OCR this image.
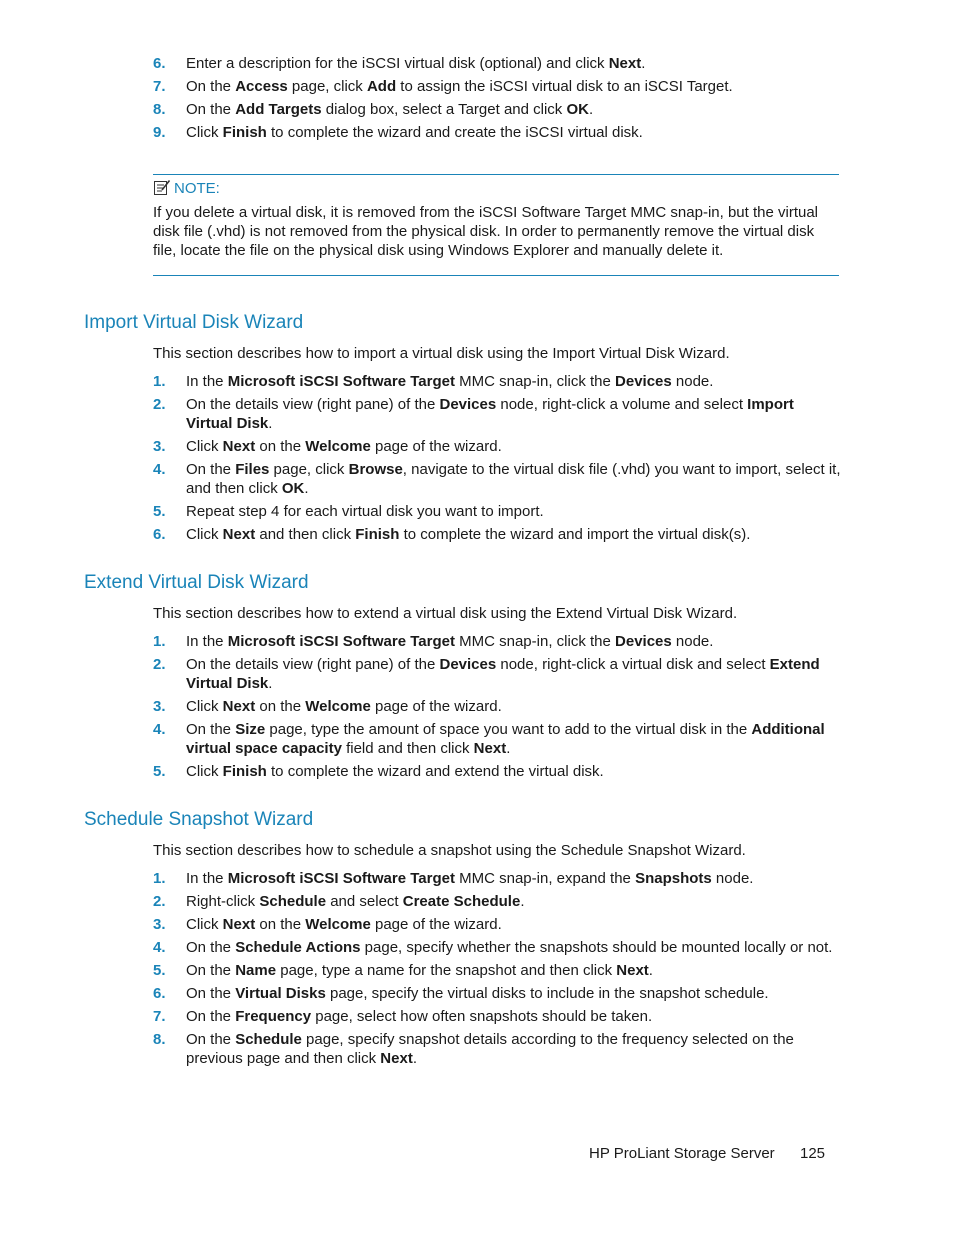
6. Enter a description for the iSCSI virtual disk (optional) and click Next.
7. On the Access page, click Add to assign the iSCSI virtual disk to an iSCSI Target.
8. On the Add Targets dialog box, select a Target and click OK.
9. Click Finish to complete the wizard and create the iSCSI virtual disk.
NOTE:
If you delete a virtual disk, it is removed from the iSCSI Software Target MMC snap-in, but the virtual disk file (.vhd) is not removed from the physical disk. In order to permanently remove the virtual disk file, locate the file on the physical disk using Windows Explorer and manually delete it.
Import Virtual Disk Wizard
This section describes how to import a virtual disk using the Import Virtual Disk Wizard.
1. In the Microsoft iSCSI Software Target MMC snap-in, click the Devices node.
2. On the details view (right pane) of the Devices node, right-click a volume and select Import Virtual Disk.
3. Click Next on the Welcome page of the wizard.
4. On the Files page, click Browse, navigate to the virtual disk file (.vhd) you want to import, select it, and then click OK.
5. Repeat step 4 for each virtual disk you want to import.
6. Click Next and then click Finish to complete the wizard and import the virtual disk(s).
Extend Virtual Disk Wizard
This section describes how to extend a virtual disk using the Extend Virtual Disk Wizard.
1. In the Microsoft iSCSI Software Target MMC snap-in, click the Devices node.
2. On the details view (right pane) of the Devices node, right-click a virtual disk and select Extend Virtual Disk.
3. Click Next on the Welcome page of the wizard.
4. On the Size page, type the amount of space you want to add to the virtual disk in the Additional virtual space capacity field and then click Next.
5. Click Finish to complete the wizard and extend the virtual disk.
Schedule Snapshot Wizard
This section describes how to schedule a snapshot using the Schedule Snapshot Wizard.
1. In the Microsoft iSCSI Software Target MMC snap-in, expand the Snapshots node.
2. Right-click Schedule and select Create Schedule.
3. Click Next on the Welcome page of the wizard.
4. On the Schedule Actions page, specify whether the snapshots should be mounted locally or not.
5. On the Name page, type a name for the snapshot and then click Next.
6. On the Virtual Disks page, specify the virtual disks to include in the snapshot schedule.
7. On the Frequency page, select how often snapshots should be taken.
8. On the Schedule page, specify snapshot details according to the frequency selected on the previous page and then click Next.
HP ProLiant Storage Server 125
